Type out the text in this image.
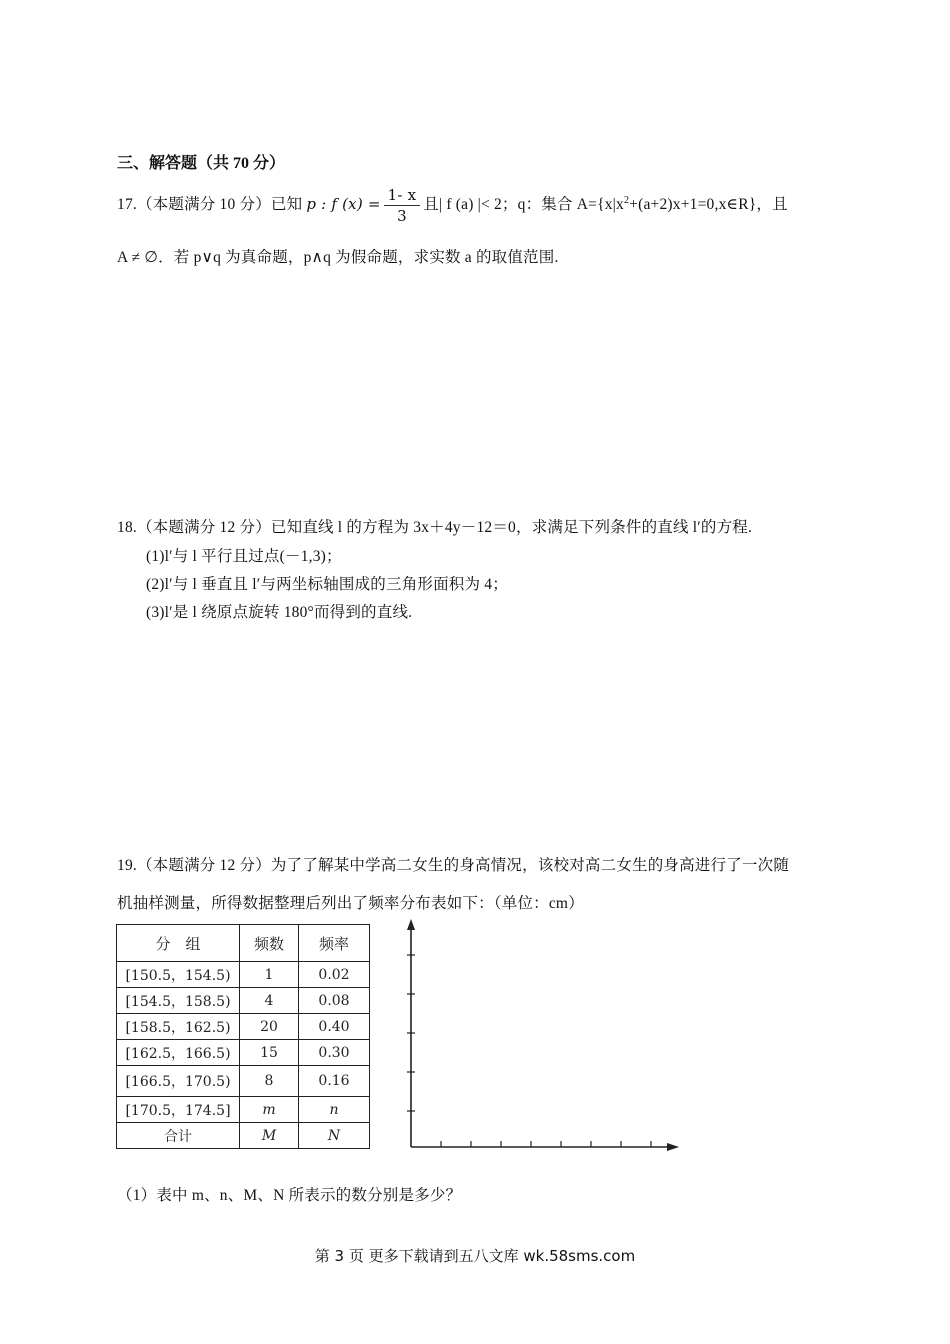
三、解答题（共 70 分）
17.（本题满分 10 分）已知 p : f $(x) = \frac{1- x}{3}$ 且| f (a) |< 2；q：集合 $A=\{x|x^2+(a+2)x+1=0,x\in R\}$，且
A ≠ ∅．若 p∨q 为真命题，p∧q 为假命题，求实数 a 的取值范围.
18.（本题满分 12 分）已知直线 l 的方程为 3x＋4y－12＝0，求满足下列条件的直线 l′的方程.
(1)l′与 l 平行且过点(－1,3)；
(2)l′与 l 垂直且 l′与两坐标轴围成的三角形面积为 4；
(3)l′是 l 绕原点旋转 180°而得到的直线.
19.（本题满分 12 分）为了了解某中学高二女生的身高情况，该校对高二女生的身高进行了一次随
机抽样测量，所得数据整理后列出了频率分布表如下：（单位：cm）
分　组	频数	频率
[150.5，154.5)	1	0.02
[154.5，158.5)	4	0.08
[158.5，162.5)	20	0.40
[162.5，166.5)	15	0.30
[166.5，170.5)	8	0.16
[170.5，174.5]	m	n
合计	M	N
（1）表中 m、n、M、N 所表示的数分别是多少？
第 3 页 更多下载请到五八文库 wk.58sms.com
